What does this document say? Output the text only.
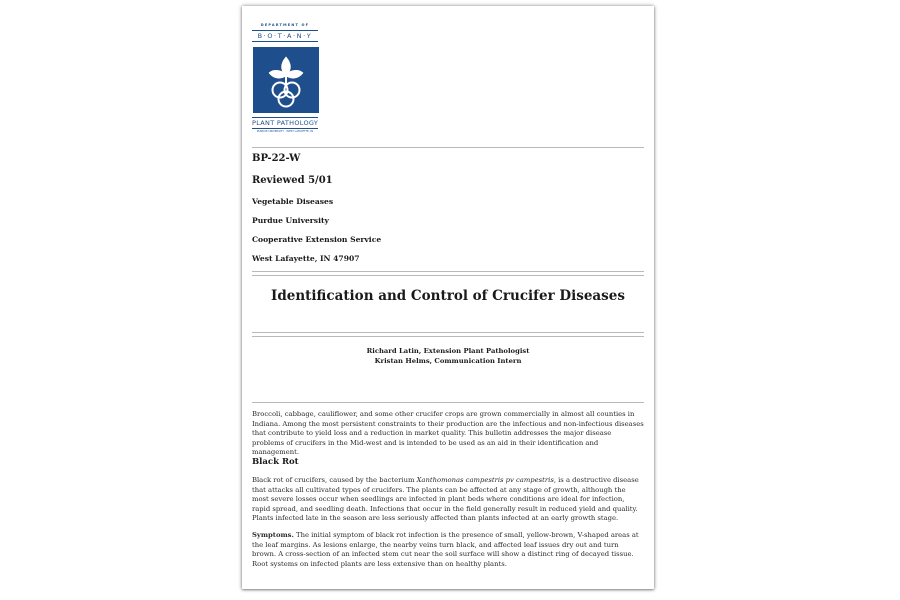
DEPARTMENT OF
B·O·T·A·N·Y
PLANT PATHOLOGY
PURDUE UNIVERSITY · WEST LAFAYETTE, IN
BP-22-W
Reviewed 5/01
Vegetable Diseases
Purdue University
Cooperative Extension Service
West Lafayette, IN 47907
Identification and Control of Crucifer Diseases
Richard Latin, Extension Plant Pathologist
Kristan Helms, Communication Intern

Broccoli, cabbage, cauliflower, and some other crucifer crops are grown commercially in almost all counties in Indiana. Among the most persistent constraints to their production are the infectious and non-infectious diseases that contribute to yield loss and a reduction in market quality. This bulletin addresses the major disease problems of crucifers in the Mid-west and is intended to be used as an aid in their identification and management.

Black Rot

Black rot of crucifers, caused by the bacterium Xanthomonas campestris pv campestris, is a destructive disease that attacks all cultivated types of crucifers. The plants can be affected at any stage of growth, although the most severe losses occur when seedlings are infected in plant beds where conditions are ideal for infection, rapid spread, and seedling death. Infections that occur in the field generally result in reduced yield and quality. Plants infected late in the season are less seriously affected than plants infected at an early growth stage.

Symptoms. The initial symptom of black rot infection is the presence of small, yellow-brown, V-shaped areas at the leaf margins. As lesions enlarge, the nearby veins turn black, and affected leaf issues dry out and turn brown. A cross-section of an infected stem cut near the soil surface will show a distinct ring of decayed tissue. Root systems on infected plants are less extensive than on healthy plants.
